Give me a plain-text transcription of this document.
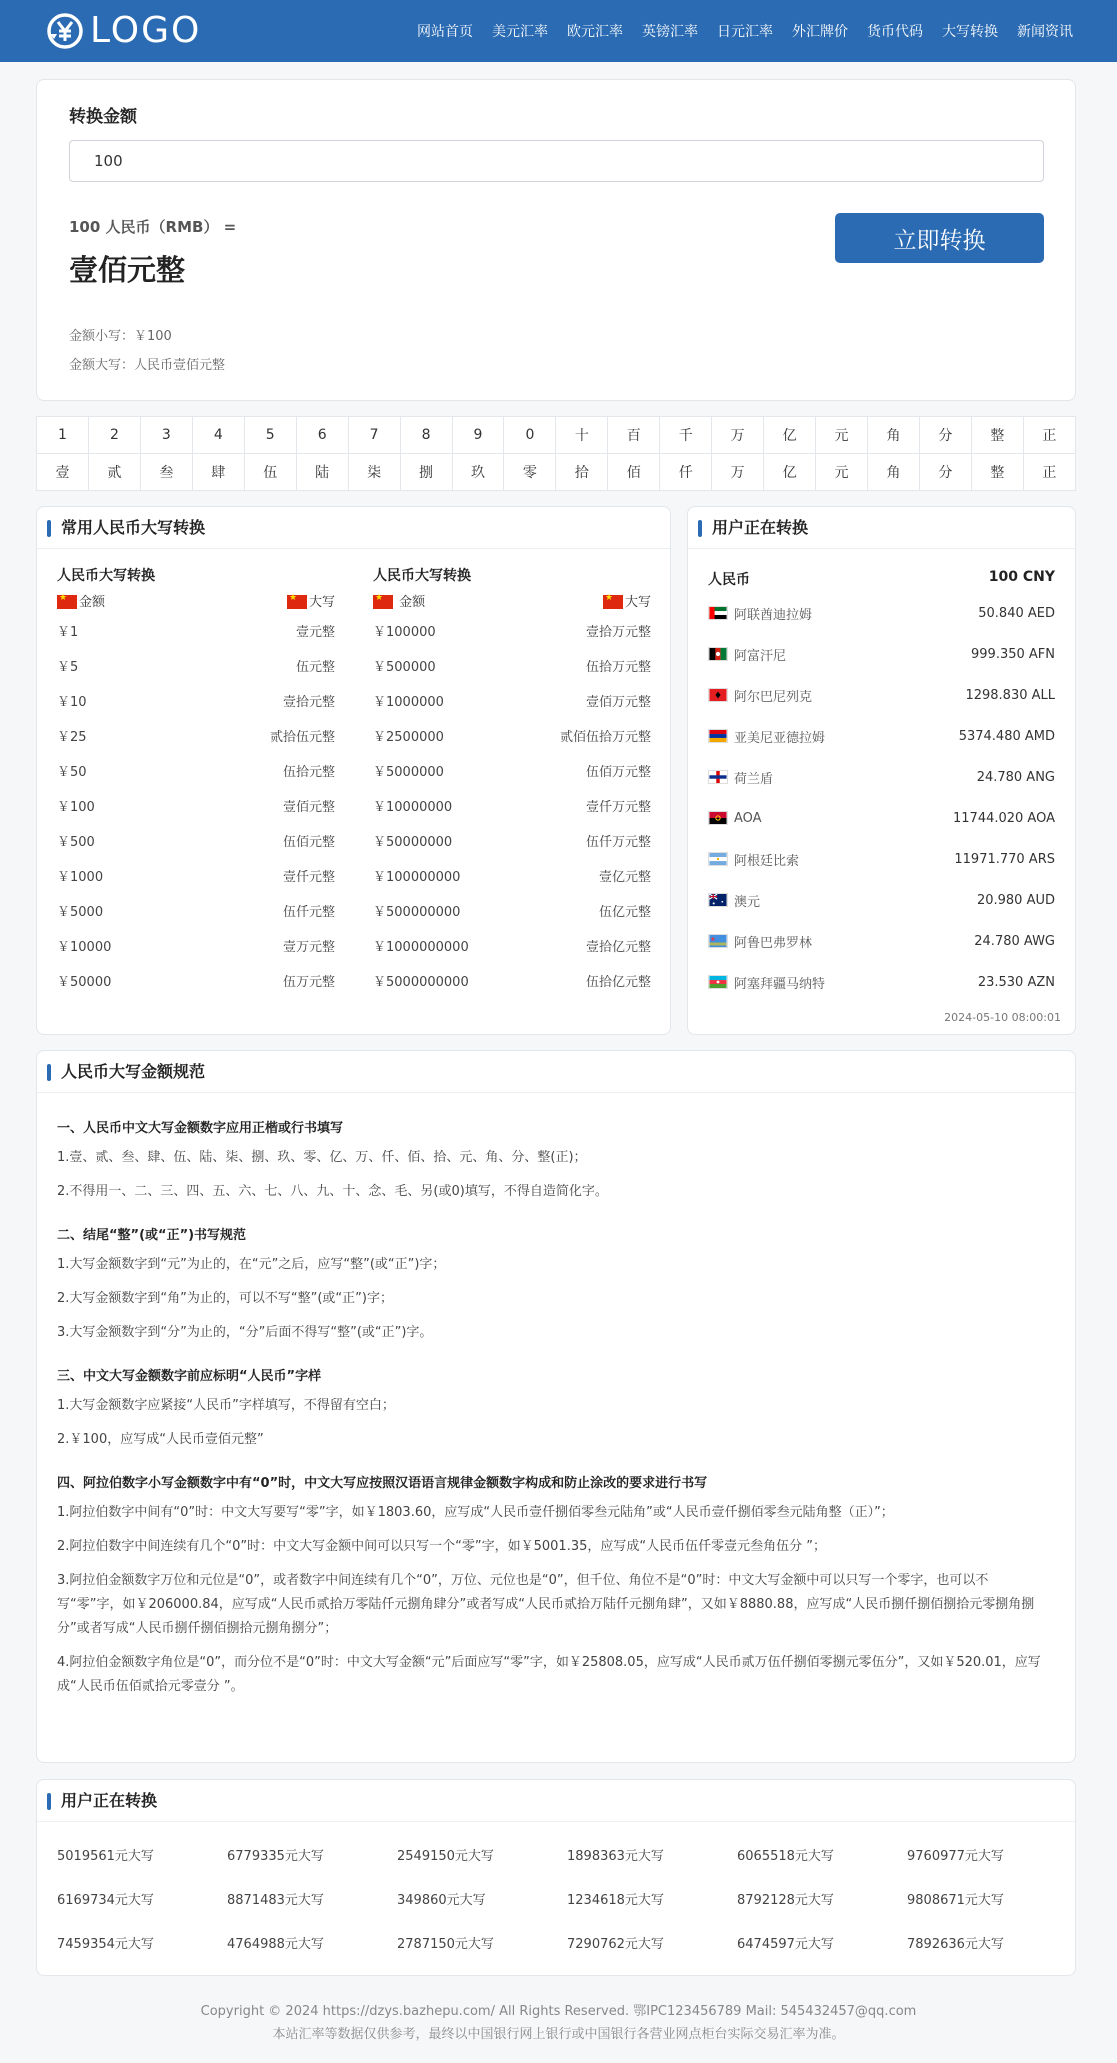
LOGO	网站首页 美元汇率 欧元汇率 英镑汇率 日元汇率 外汇牌价 货币代码 大写转换 新闻资讯
转换金额
100
100 人民币（RMB） =
壹佰元整
立即转换
金额小写：￥100
金额大写：人民币壹佰元整
1	2	3	4	5	6	7	8	9	0	十	百	千	万	亿	元	角	分	整	正
壹	贰	叁	肆	伍	陆	柒	捌	玖	零	拾	佰	仟	万	亿	元	角	分	整	正
常用人民币大写转换
人民币大写转换
★金额 ★	大写
￥1	壹元整
￥5	伍元整
￥10	壹拾元整
￥25	贰拾伍元整
￥50	伍拾元整
￥100	壹佰元整
￥500	伍佰元整
￥1000	壹仟元整
￥5000	伍仟元整
￥10000	壹万元整
￥50000	伍万元整
人民币大写转换
★ 金额 ★	大写
￥100000	壹拾万元整
￥500000	伍拾万元整
￥1000000	壹佰万元整
￥2500000	贰佰伍拾万元整
￥5000000	伍佰万元整
￥10000000	壹仟万元整
￥50000000	伍仟万元整
￥100000000	壹亿元整
￥500000000	伍亿元整
￥1000000000	壹拾亿元整
￥5000000000	伍拾亿元整
用户正在转换
人民币	100 CNY
阿联酋迪拉姆	50.840 AED
阿富汗尼	999.350 AFN
阿尔巴尼列克	1298.830 ALL
亚美尼亚德拉姆	5374.480 AMD
荷兰盾	24.780 ANG
AOA	11744.020 AOA
阿根廷比索	11971.770 ARS
澳元	20.980 AUD
阿鲁巴弗罗林	24.780 AWG
阿塞拜疆马纳特	23.530 AZN
2024-05-10 08:00:01
人民币大写金额规范
一、人民币中文大写金额数字应用正楷或行书填写
1.壹、贰、叁、肆、伍、陆、柒、捌、玖、零、亿、万、仟、佰、拾、元、角、分、整(正)；
2.不得用一、二、三、四、五、六、七、八、九、十、念、毛、另(或0)填写，不得自造简化字。
二、结尾“整”(或“正”)书写规范
1.大写金额数字到“元”为止的，在“元”之后，应写“整”(或“正”)字；
2.大写金额数字到“角”为止的，可以不写“整”(或“正”)字；
3.大写金额数字到“分”为止的，“分”后面不得写“整”(或“正”)字。
三、中文大写金额数字前应标明“人民币”字样
1.大写金额数字应紧接“人民币”字样填写，不得留有空白；
2.￥100，应写成“人民币壹佰元整”
四、阿拉伯数字小写金额数字中有“0”时，中文大写应按照汉语语言规律金额数字构成和防止涂改的要求进行书写
1.阿拉伯数字中间有“0”时：中文大写要写“零”字，如￥1803.60，应写成“人民币壹仟捌佰零叁元陆角”或“人民币壹仟捌佰零叁元陆角整（正）”；
2.阿拉伯数字中间连续有几个“0”时：中文大写金额中间可以只写一个“零”字，如￥5001.35，应写成“人民币伍仟零壹元叁角伍分 ”；
3.阿拉伯金额数字万位和元位是“0”，或者数字中间连续有几个“0”，万位、元位也是“0”，但千位、角位不是“0”时：中文大写金额中可以只写一个零字，也可以不写“零”字，如￥206000.84，应写成“人民币贰拾万零陆仟元捌角肆分”或者写成“人民币贰拾万陆仟元捌角肆”，又如￥8880.88，应写成“人民币捌仟捌佰捌拾元零捌角捌分”或者写成“人民币捌仟捌佰捌拾元捌角捌分”；
4.阿拉伯金额数字角位是“0”，而分位不是“0”时：中文大写金额“元”后面应写“零”字，如￥25808.05，应写成“人民币贰万伍仟捌佰零捌元零伍分”，又如￥520.01，应写成“人民币伍佰贰拾元零壹分 ”。
用户正在转换
5019561元大写	6779335元大写	2549150元大写	1898363元大写	6065518元大写	9760977元大写
6169734元大写	8871483元大写	349860元大写	1234618元大写	8792128元大写	9808671元大写
7459354元大写	4764988元大写	2787150元大写	7290762元大写	6474597元大写	7892636元大写
Copyright © 2024 https://dzys.bazhepu.com/ All Rights Reserved. 鄂IPC123456789 Mail: 545432457@qq.com
本站汇率等数据仅供参考，最终以中国银行网上银行或中国银行各营业网点柜台实际交易汇率为准。
